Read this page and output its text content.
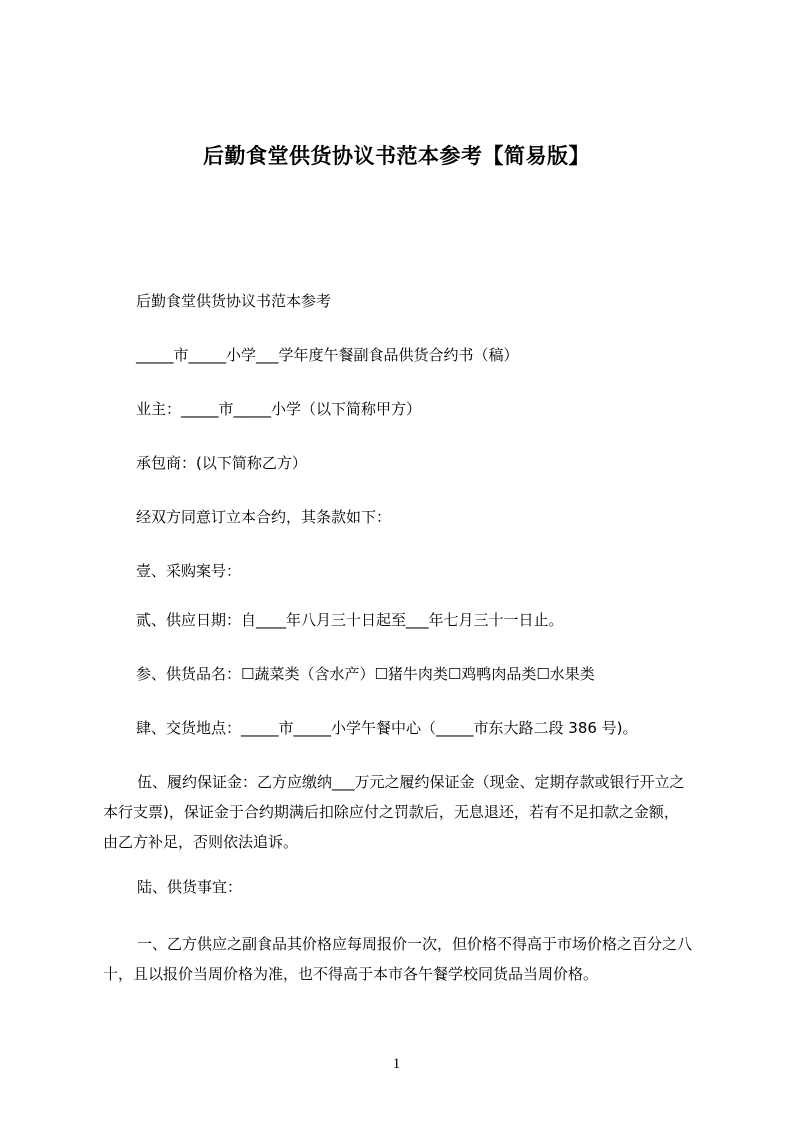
后勤食堂供货协议书范本参考【简易版】
后勤食堂供货协议书范本参考
_____市_____小学___学年度午餐副食品供货合约书（稿）
业主：_____市_____小学（以下简称甲方）
承包商：(以下简称乙方）
经双方同意订立本合约，其条款如下：
壹、采购案号：
贰、供应日期：自____年八月三十日起至___年七月三十一日止。
参、供货品名：☐蔬菜类（含水产）☐猪牛肉类☐鸡鸭肉品类☐水果类
肆、交货地点：_____市_____小学午餐中心（_____市东大路二段 386 号)。
伍、履约保证金：乙方应缴纳___万元之履约保证金（现金、定期存款或银行开立之本行支票)，保证金于合约期满后扣除应付之罚款后，无息退还，若有不足扣款之金额，由乙方补足，否则依法追诉。
陆、供货事宜：
一、乙方供应之副食品其价格应每周报价一次，但价格不得高于市场价格之百分之八十，且以报价当周价格为准，也不得高于本市各午餐学校同货品当周价格。
1
